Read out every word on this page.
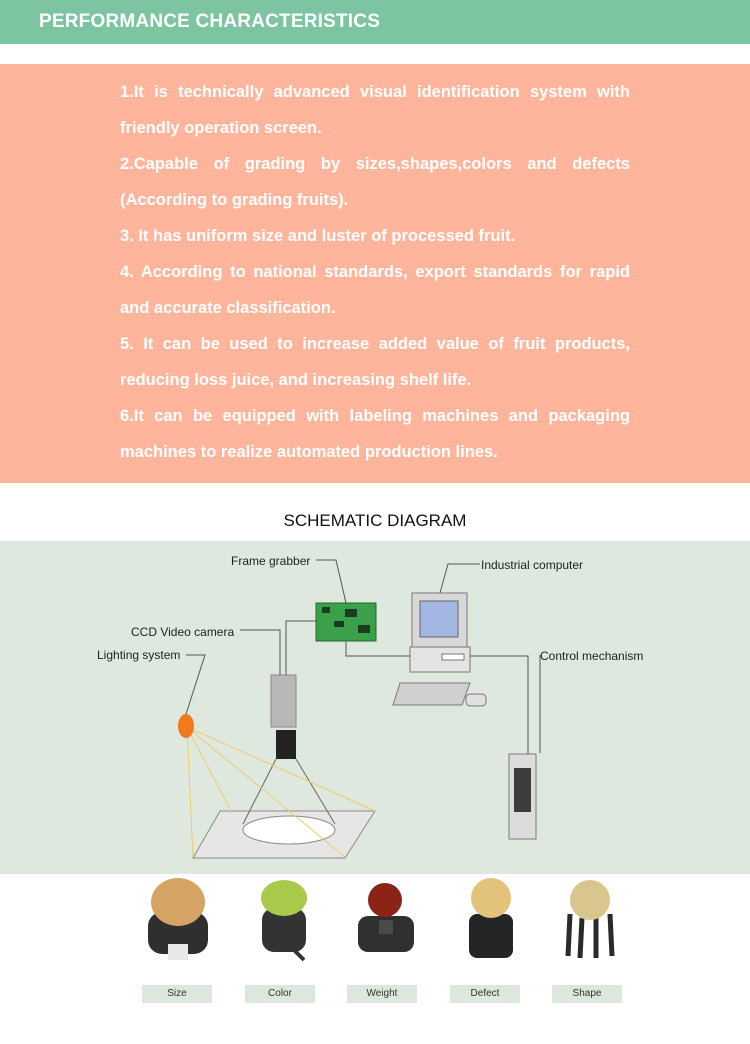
PERFORMANCE CHARACTERISTICS
1.It is technically advanced visual identification system with friendly operation screen.
2.Capable of grading by sizes,shapes,colors and defects (According to grading fruits).
3. It has uniform size and luster of processed fruit.
4. According to national standards, export standards for rapid and accurate classification.
5. It can be used to increase added value of fruit products, reducing loss juice, and increasing shelf life.
6.It can be equipped with labeling machines and packaging machines to realize automated production lines.
SCHEMATIC DIAGRAM
Frame grabber	Industrial computer
CCD Video camera
Lighting system	Control mechanism
Size	Color	Weight	Defect	Shape
